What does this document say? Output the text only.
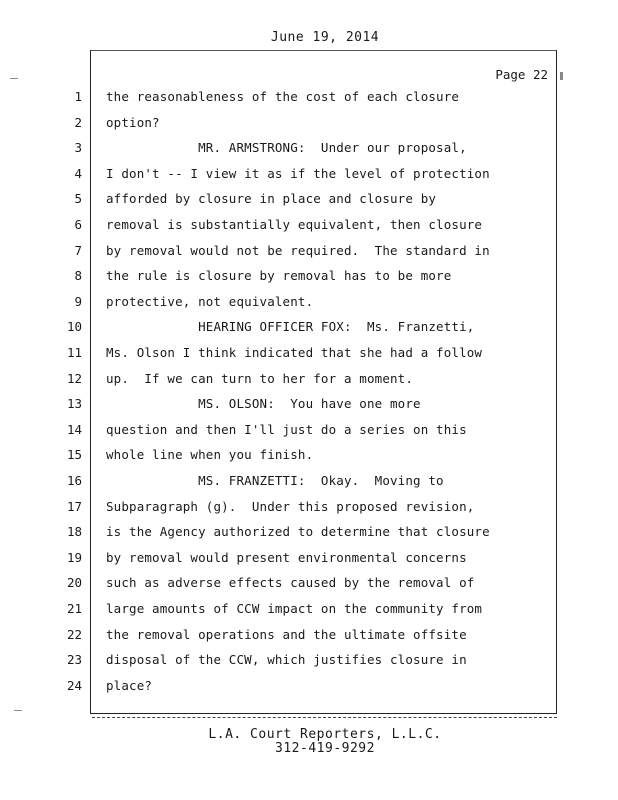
June 19, 2014
Page 22
1 the reasonableness of the cost of each closure
2 option?
3 MR. ARMSTRONG:  Under our proposal,
4 I don't -- I view it as if the level of protection
5 afforded by closure in place and closure by
6 removal is substantially equivalent, then closure
7 by removal would not be required.  The standard in
8 the rule is closure by removal has to be more
9 protective, not equivalent.
10 HEARING OFFICER FOX:  Ms. Franzetti,
11 Ms. Olson I think indicated that she had a follow
12 up.  If we can turn to her for a moment.
13 MS. OLSON:  You have one more
14 question and then I'll just do a series on this
15 whole line when you finish.
16 MS. FRANZETTI:  Okay.  Moving to
17 Subparagraph (g).  Under this proposed revision,
18 is the Agency authorized to determine that closure
19 by removal would present environmental concerns
20 such as adverse effects caused by the removal of
21 large amounts of CCW impact on the community from
22 the removal operations and the ultimate offsite
23 disposal of the CCW, which justifies closure in
24 place?
L.A. Court Reporters, L.L.C.
312-419-9292
